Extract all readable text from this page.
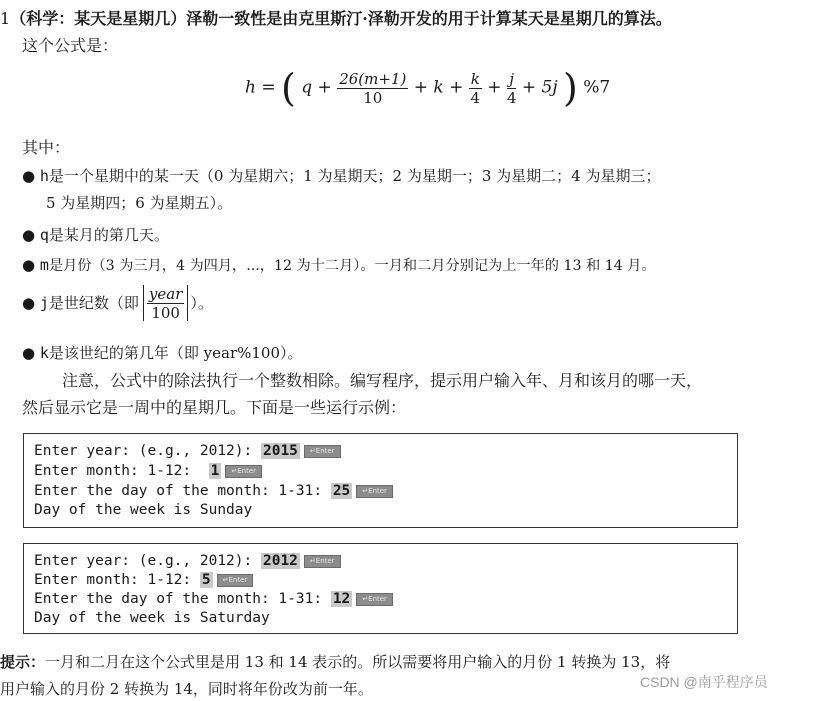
1（科学：某天是星期几）泽勒一致性是由克里斯汀·泽勒开发的用于计算某天是星期几的算法。
这个公式是：
h = ( $q + \frac{26(m+1)}{10} + k + \frac{k}{4} + \frac{j}{4} + 5j$ ) %7
其中：
● h是一个星期中的某一天（0 为星期六；1 为星期天；2 为星期一；3 为星期二；4 为星期三；
5 为星期四；6 为星期五）。
● q是某月的第几天。
● m是月份（3 为三月，4 为四月，...，12 为十二月）。一月和二月分别记为上一年的 13 和 14 月。
●
j 是世纪数（即 $\frac{\text{year}}{100}$ ）。
● k是该世纪的第几年（即 year%100）。
注意，公式中的除法执行一个整数相除。编写程序，提示用户输入年、月和该月的哪一天，
然后显示它是一周中的星期几。下面是一些运行示例：
Enter year: (e.g., 2012): 2015 ↵Enter
Enter month: 1-12:  1 ↵Enter
Enter the day of the month: 1-31: 25 ↵Enter
Day of the week is Sunday
Enter year: (e.g., 2012): 2012 ↵Enter
Enter month: 1-12: 5 ↵Enter
Enter the day of the month: 1-31: 12 ↵Enter
Day of the week is Saturday
提示：一月和二月在这个公式里是用 13 和 14 表示的。所以需要将用户输入的月份 1 转换为 13，将
用户输入的月份 2 转换为 14，同时将年份改为前一年。	CSDN @南乎程序员
